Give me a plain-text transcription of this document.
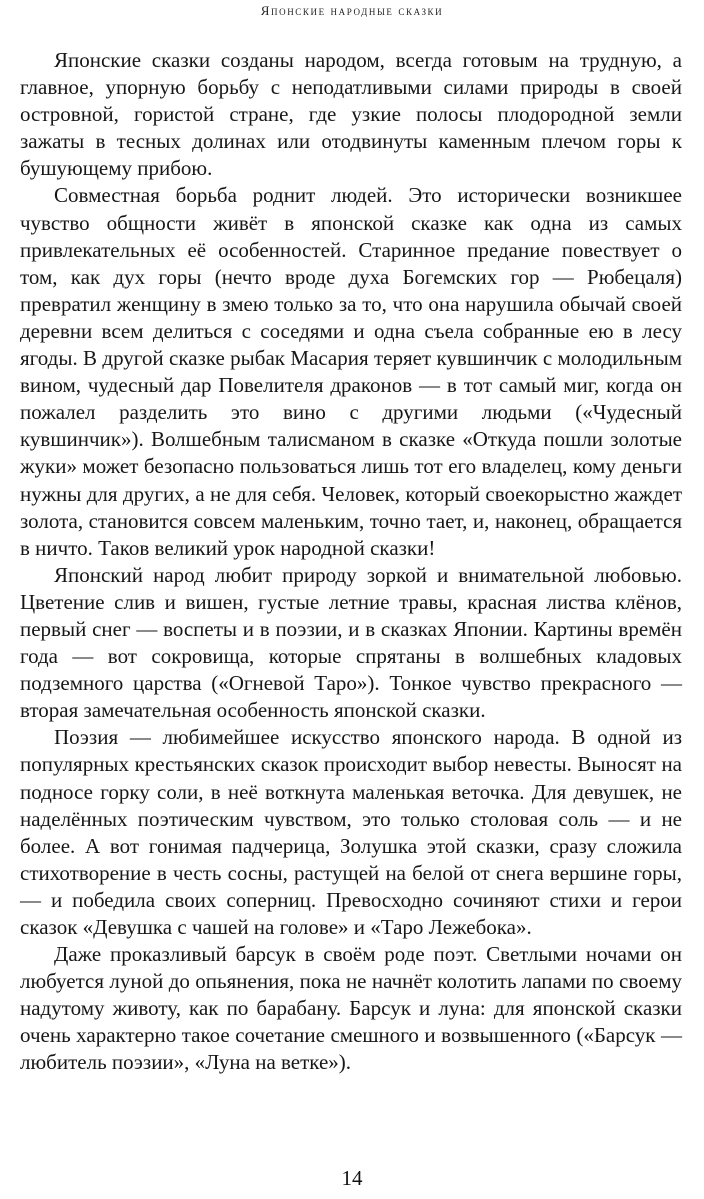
Японские народные сказки

Японские сказки созданы народом, всегда готовым на трудную, а главное, упорную борьбу с неподатливыми силами природы в своей островной, гористой стране, где узкие полосы плодородной земли зажаты в тесных долинах или отодвинуты каменным плечом горы к бушующему прибою.

Совместная борьба роднит людей. Это исторически возникшее чувство общности живёт в японской сказке как одна из самых привлекательных её особенностей. Старинное предание повествует о том, как дух горы (нечто вроде духа Богемских гор — Рюбецаля) превратил женщину в змею только за то, что она нарушила обычай своей деревни всем делиться с соседями и одна съела собранные ею в лесу ягоды. В другой сказке рыбак Масария теряет кувшинчик с молодильным вином, чудесный дар Повелителя драконов — в тот самый миг, когда он пожалел разделить это вино с другими людьми («Чудесный кувшинчик»). Волшебным талисманом в сказке «Откуда пошли золотые жуки» может безопасно пользоваться лишь тот его владелец, кому деньги нужны для других, а не для себя. Человек, который своекорыстно жаждет золота, становится совсем маленьким, точно тает, и, наконец, обращается в ничто. Таков великий урок народной сказки!

Японский народ любит природу зоркой и внимательной любовью. Цветение слив и вишен, густые летние травы, красная листва клёнов, первый снег — воспеты и в поэзии, и в сказках Японии. Картины времён года — вот сокровища, которые спрятаны в волшебных кладовых подземного царства («Огневой Таро»). Тонкое чувство прекрасного — вторая замечательная особенность японской сказки.

Поэзия — любимейшее искусство японского народа. В одной из популярных крестьянских сказок происходит выбор невесты. Выносят на подносе горку соли, в неё воткнута маленькая веточка. Для девушек, не наделённых поэтическим чувством, это только столовая соль — и не более. А вот гонимая падчерица, Золушка этой сказки, сразу сложила стихотворение в честь сосны, растущей на белой от снега вершине горы, — и победила своих соперниц. Превосходно сочиняют стихи и герои сказок «Девушка с чашей на голове» и «Таро Лежебока».

Даже проказливый барсук в своём роде поэт. Светлыми ночами он любуется луной до опьянения, пока не начнёт колотить лапами по своему надутому животу, как по барабану. Барсук и луна: для японской сказки очень характерно такое сочетание смешного и возвышенного («Барсук — любитель поэзии», «Луна на ветке»).

14
